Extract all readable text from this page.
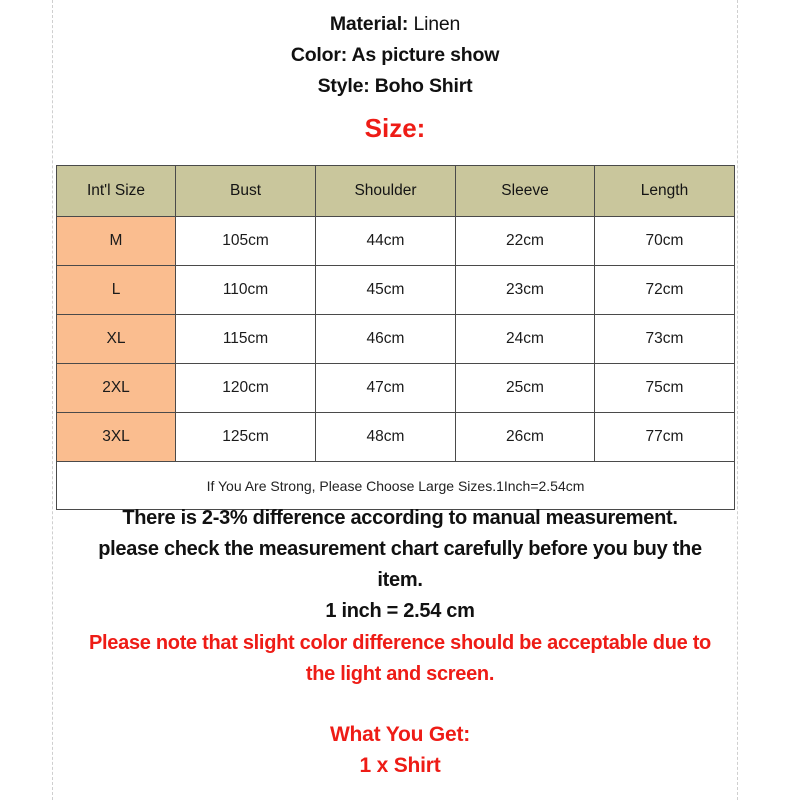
Material: Linen
Color: As picture show
Style: Boho Shirt
Size:
Int'l Size	Bust	Shoulder	Sleeve	Length
M	105cm	44cm	22cm	70cm
L	110cm	45cm	23cm	72cm
XL	115cm	46cm	24cm	73cm
2XL	120cm	47cm	25cm	75cm
3XL	125cm	48cm	26cm	77cm
If You Are Strong, Please Choose Large Sizes.1Inch=2.54cm				
There is 2-3% difference according to manual measurement.
please check the measurement chart carefully before you buy the
item.
1 inch = 2.54 cm
Please note that slight color difference should be acceptable due to
the light and screen.
What You Get:
1 x Shirt
